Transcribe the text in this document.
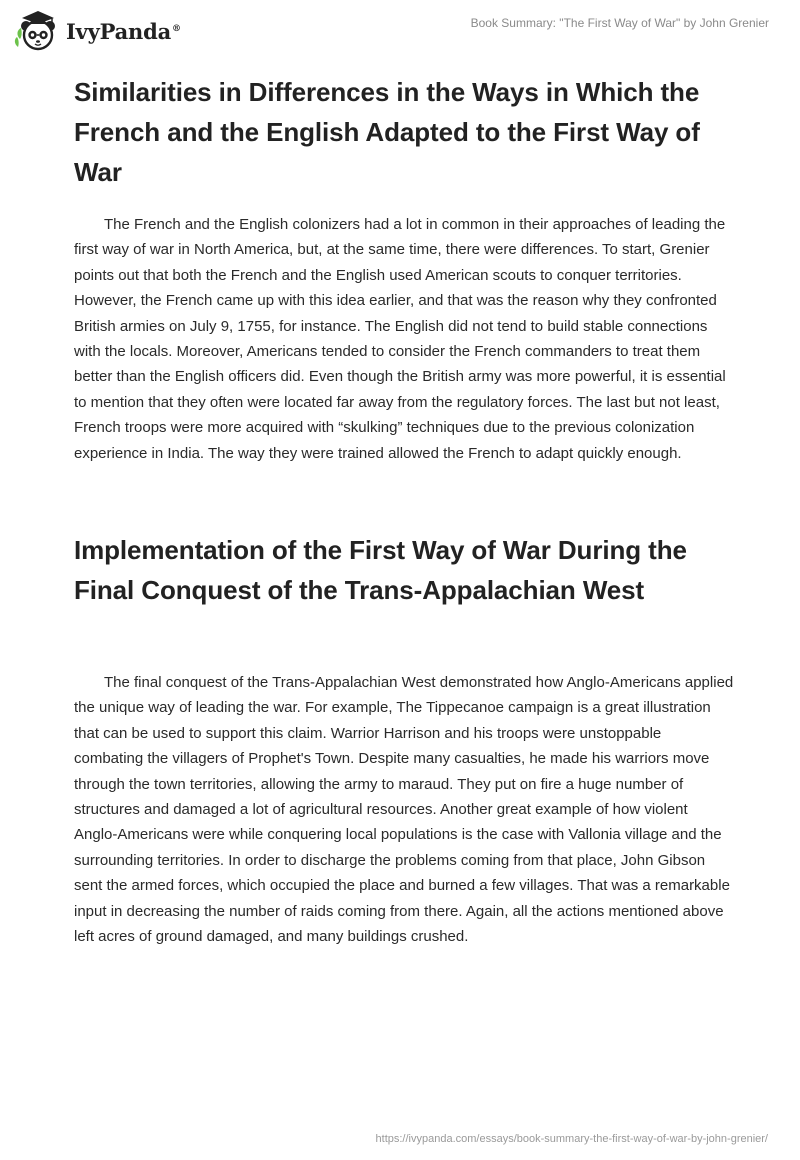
IvyPanda®	Book Summary: "The First Way of War" by John Grenier
Similarities in Differences in the Ways in Which the French and the English Adapted to the First Way of War

The French and the English colonizers had a lot in common in their approaches of leading the first way of war in North America, but, at the same time, there were differences. To start, Grenier points out that both the French and the English used American scouts to conquer territories. However, the French came up with this idea earlier, and that was the reason why they confronted British armies on July 9, 1755, for instance. The English did not tend to build stable connections with the locals. Moreover, Americans tended to consider the French commanders to treat them better than the English officers did. Even though the British army was more powerful, it is essential to mention that they often were located far away from the regulatory forces. The last but not least, French troops were more acquired with “skulking” techniques due to the previous colonization experience in India. The way they were trained allowed the French to adapt quickly enough.

Implementation of the First Way of War During the Final Conquest of the Trans-Appalachian West

The final conquest of the Trans-Appalachian West demonstrated how Anglo-Americans applied the unique way of leading the war. For example, The Tippecanoe campaign is a great illustration that can be used to support this claim. Warrior Harrison and his troops were unstoppable combating the villagers of Prophet's Town. Despite many casualties, he made his warriors move through the town territories, allowing the army to maraud. They put on fire a huge number of structures and damaged a lot of agricultural resources. Another great example of how violent Anglo-Americans were while conquering local populations is the case with Vallonia village and the surrounding territories. In order to discharge the problems coming from that place, John Gibson sent the armed forces, which occupied the place and burned a few villages. That was a remarkable input in decreasing the number of raids coming from there. Again, all the actions mentioned above left acres of ground damaged, and many buildings crushed.

https://ivypanda.com/essays/book-summary-the-first-way-of-war-by-john-grenier/
